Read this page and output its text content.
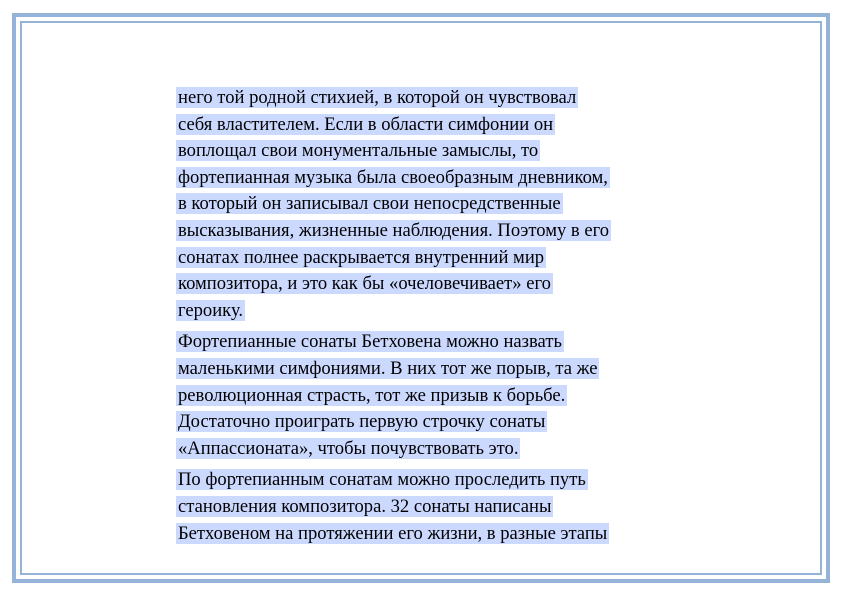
него той родной стихией, в которой он чувствовал
себя властителем. Если в области симфонии он
воплощал свои монументальные замыслы, то
фортепианная музыка была своеобразным дневником,
в который он записывал свои непосредственные
высказывания, жизненные наблюдения. Поэтому в его
сонатах полнее раскрывается внутренний мир
композитора, и это как бы «очеловечивает» его
героику.

Фортепианные сонаты Бетховена можно назвать
маленькими симфониями. В них тот же порыв, та же
революционная страсть, тот же призыв к борьбе.
Достаточно проиграть первую строчку сонаты
«Аппассионата», чтобы почувствовать это.

По фортепианным сонатам можно проследить путь
становления композитора. 32 сонаты написаны
Бетховеном на протяжении его жизни, в разные этапы
